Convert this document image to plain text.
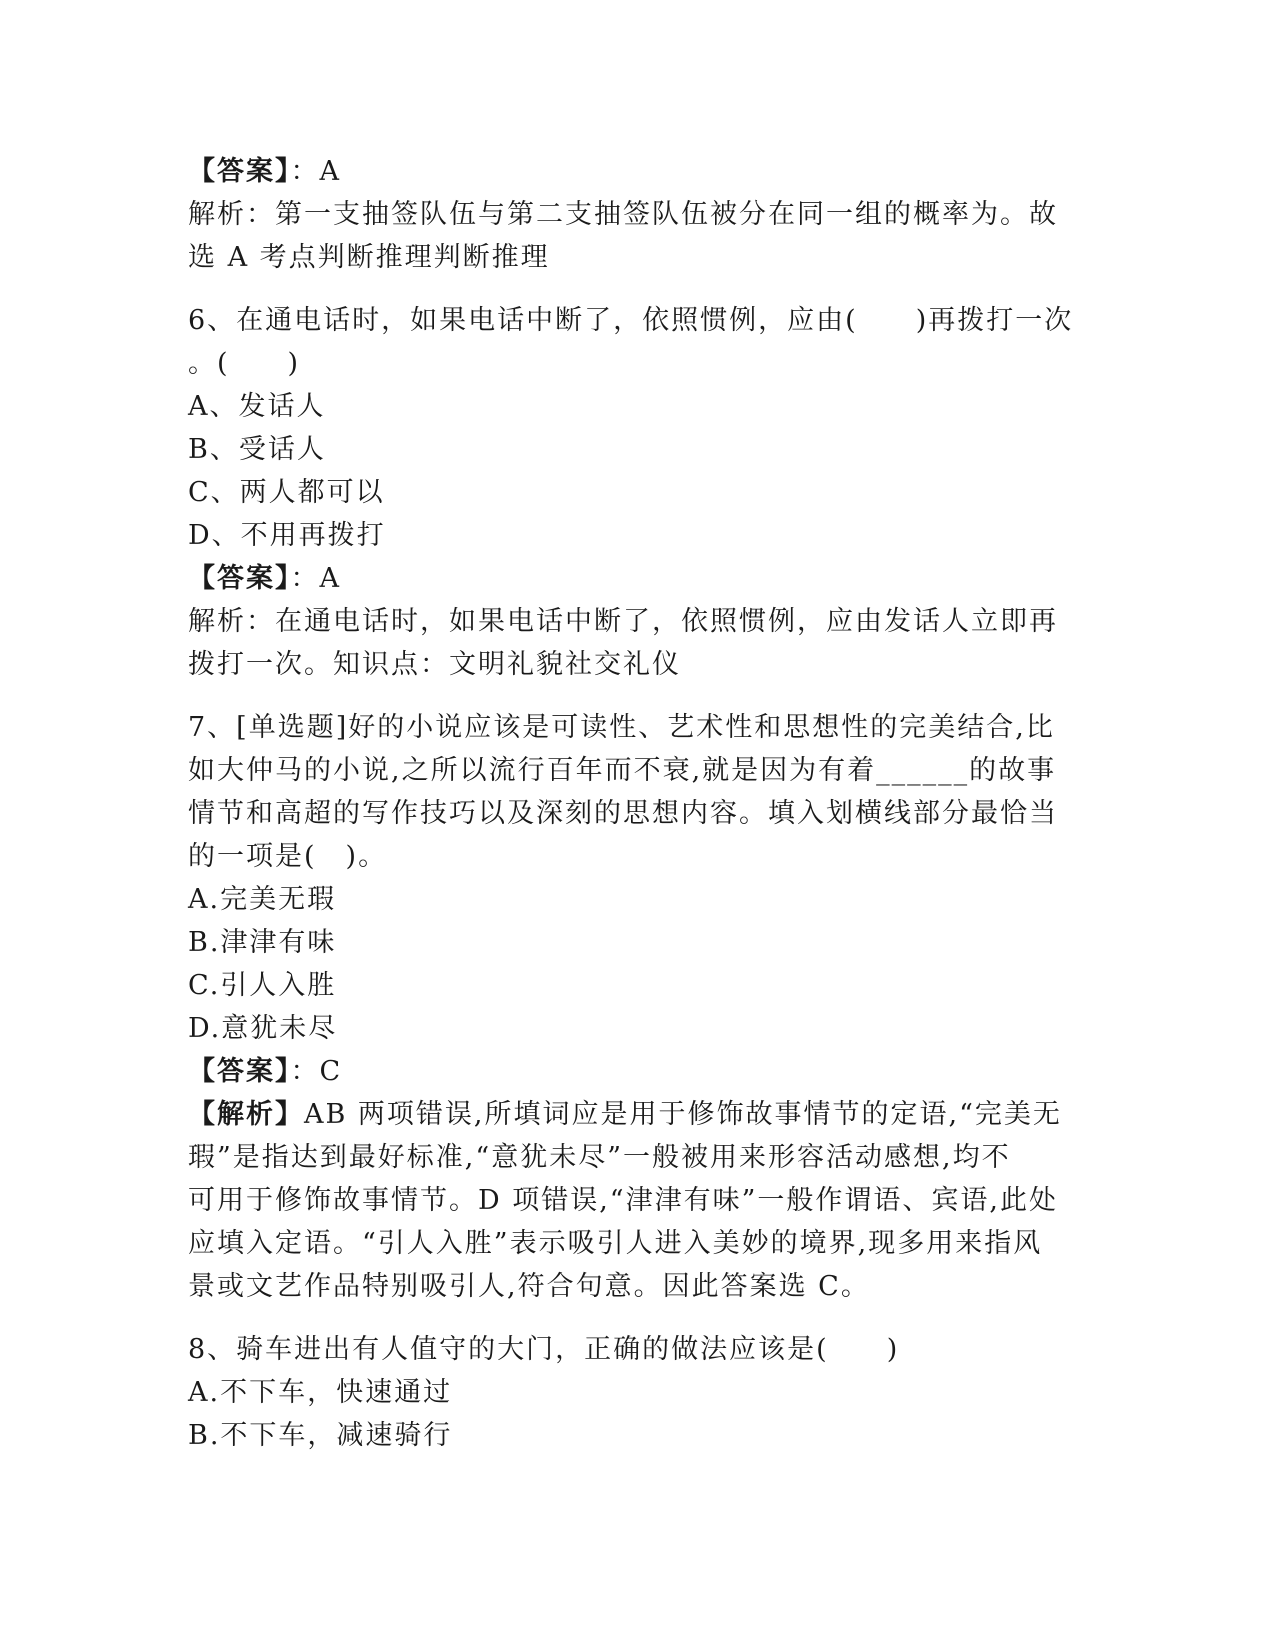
【答案】：A
解析：第一支抽签队伍与第二支抽签队伍被分在同一组的概率为。故
选 A 考点判断推理判断推理
6、在通电话时，如果电话中断了，依照惯例，应由(　　)再拨打一次
。(　　)
A、发话人
B、受话人
C、两人都可以
D、不用再拨打
【答案】：A
解析：在通电话时，如果电话中断了，依照惯例，应由发话人立即再
拨打一次。知识点：文明礼貌社交礼仪
7、[单选题]好的小说应该是可读性、艺术性和思想性的完美结合,比
如大仲马的小说,之所以流行百年而不衰,就是因为有着______的故事
情节和高超的写作技巧以及深刻的思想内容。填入划横线部分最恰当
的一项是(　)。
A.完美无瑕
B.津津有味
C.引人入胜
D.意犹未尽
【答案】：C
【解析】AB 两项错误,所填词应是用于修饰故事情节的定语,“完美无
瑕”是指达到最好标准,“意犹未尽”一般被用来形容活动感想,均不
可用于修饰故事情节。D 项错误,“津津有味”一般作谓语、宾语,此处
应填入定语。“引人入胜”表示吸引人进入美妙的境界,现多用来指风
景或文艺作品特别吸引人,符合句意。因此答案选 C。
8、骑车进出有人值守的大门，正确的做法应该是(　　)
A.不下车，快速通过
B.不下车，减速骑行
